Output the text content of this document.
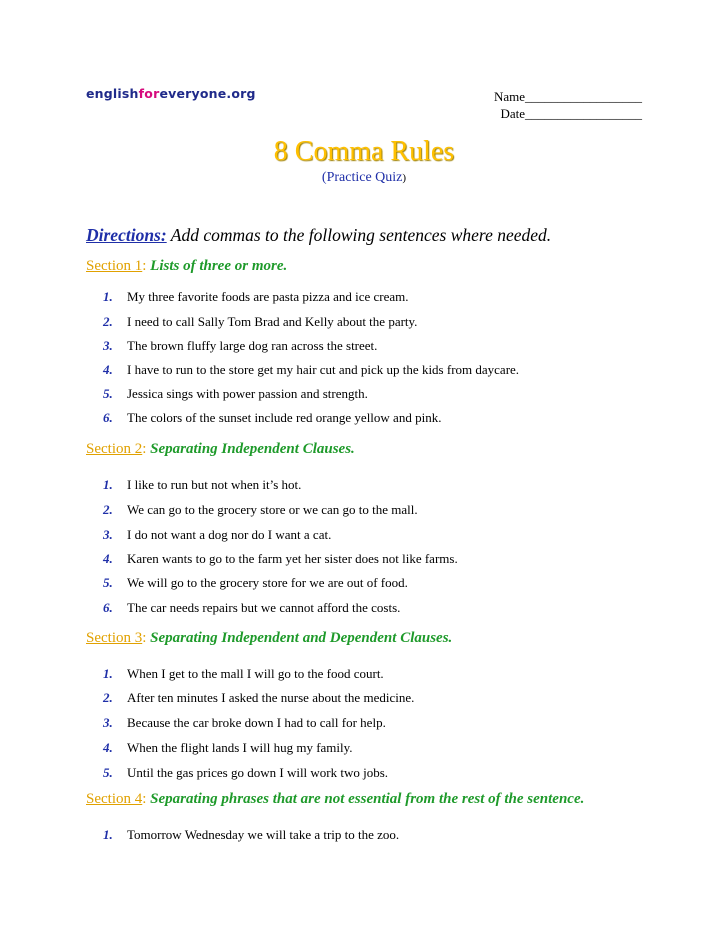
englishforeveryone.org	Name__________________
Date__________________
8 Comma Rules
(Practice Quiz)
Directions: Add commas to the following sentences where needed.
Section 1: Lists of three or more.
1. My three favorite foods are pasta pizza and ice cream.
2. I need to call Sally Tom Brad and Kelly about the party.
3. The brown fluffy large dog ran across the street.
4. I have to run to the store get my hair cut and pick up the kids from daycare.
5. Jessica sings with power passion and strength.
6. The colors of the sunset include red orange yellow and pink.
Section 2: Separating Independent Clauses.
1. I like to run but not when it’s hot.
2. We can go to the grocery store or we can go to the mall.
3. I do not want a dog nor do I want a cat.
4. Karen wants to go to the farm yet her sister does not like farms.
5. We will go to the grocery store for we are out of food.
6. The car needs repairs but we cannot afford the costs.
Section 3: Separating Independent and Dependent Clauses.
1. When I get to the mall I will go to the food court.
2. After ten minutes I asked the nurse about the medicine.
3. Because the car broke down I had to call for help.
4. When the flight lands I will hug my family.
5. Until the gas prices go down I will work two jobs.
Section 4: Separating phrases that are not essential from the rest of the sentence.
1. Tomorrow Wednesday we will take a trip to the zoo.
